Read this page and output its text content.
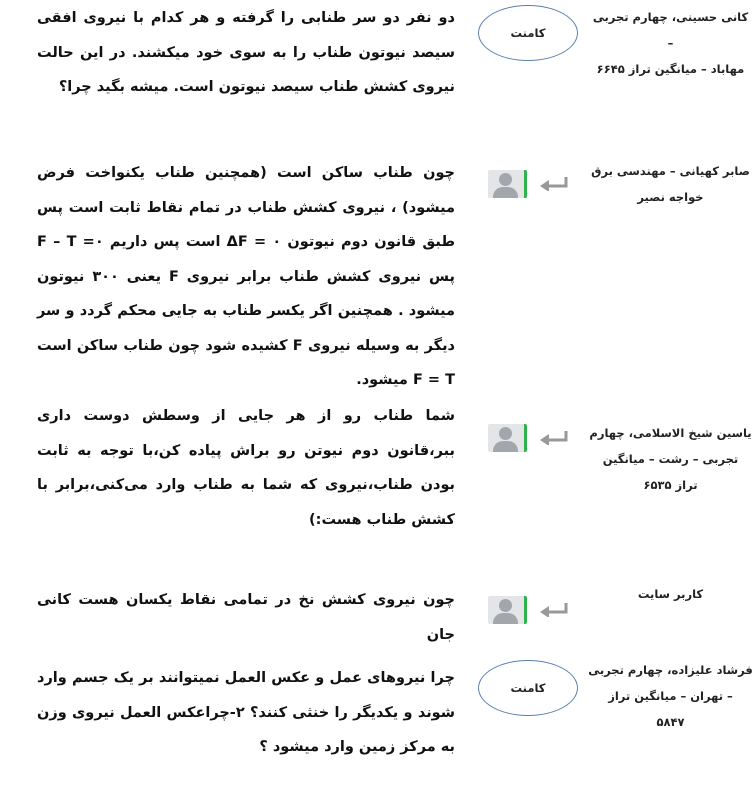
دو نفر دو سر طنابی را گرفته و هر کدام با نیروی افقی سیصد نیوتون طناب را به سوی خود میکشند. در این حالت نیروی کشش طناب سیصد نیوتون است. میشه بگید چرا؟
کامنت
کانی حسینی، چهارم تجربی –
مهاباد – میانگین تراز ۶۶۴۵
چون طناب ساکن است (همچنین طناب یکنواخت فرض میشود) ، نیروی کشش طناب در تمام نقاط ثابت است پس طبق قانون دوم نیوتون ۰ = ΔF است پس داریم ۰= F – T پس نیروی کشش طناب برابر نیروی F یعنی ۳۰۰ نیوتون میشود . همچنین اگر یکسر طناب به جایی محکم گردد و سر دیگر به وسیله نیروی F کشیده شود چون طناب ساکن است F = T میشود.
صابر کهیانی – مهندسی برق
خواجه نصیر
شما طناب رو از هر جایی از وسطش دوست داری ببر،قانون دوم نیوتن رو براش پیاده کن،با توجه به ثابت بودن طناب،نیروی که شما به طناب وارد می‌کنی،برابر با کشش طناب هست:)
یاسین شیخ الاسلامی، چهارم
تجربی – رشت – میانگین
تراز ۶۵۳۵
چون نیروی کشش نخ در تمامی نقاط یکسان هست کانی جان
کاربر سایت
چرا نیروهای عمل و عکس العمل نمیتوانند بر یک جسم وارد شوند و یکدیگر را خنثی کنند؟ ۲-چراعکس العمل نیروی وزن به مرکز زمین وارد میشود ؟
کامنت
فرشاد علیزاده، چهارم تجربی
– تهران – میانگین تراز
۵۸۴۷
